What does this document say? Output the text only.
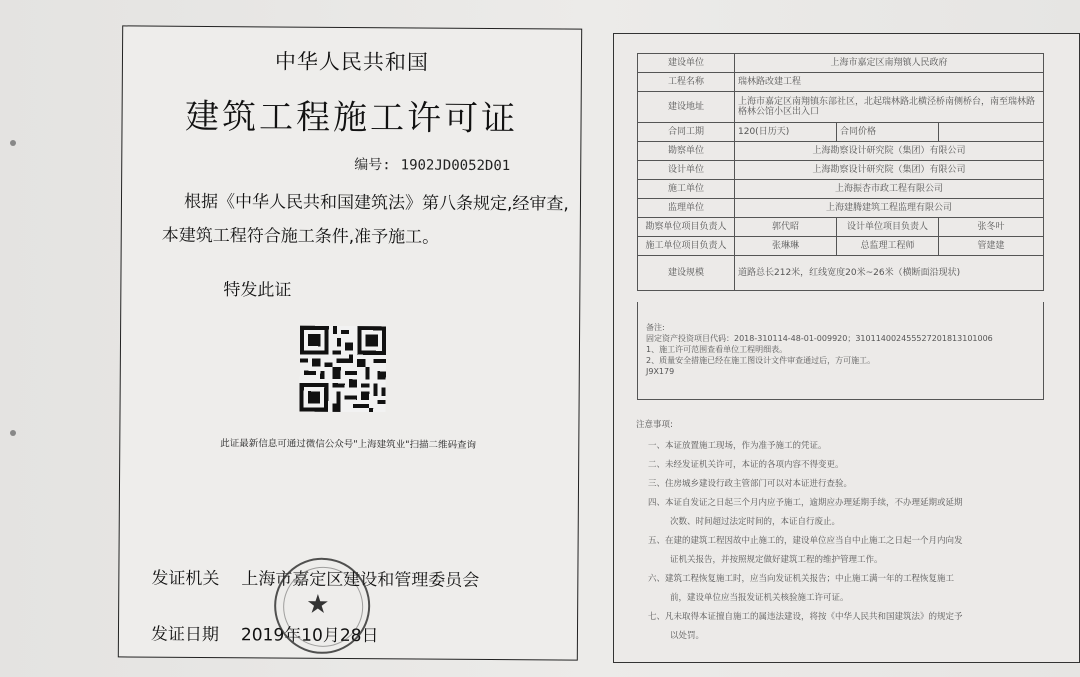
中华人民共和国
建筑工程施工许可证
编号: 1902JD0052D01
根据《中华人民共和国建筑法》第八条规定,经审查,
本建筑工程符合施工条件,准予施工。
特发此证
此证最新信息可通过微信公众号"上海建筑业"扫描二维码查询
发证机关 上海市嘉定区建设和管理委员会
发证日期 2019年10月28日
★
建设单位	上海市嘉定区南翔镇人民政府		
工程名称	瑞林路改建工程		
建设地址	上海市嘉定区南翔镇东部社区，北起瑞林路北横泾桥南侧桥台，南至瑞林路格林公馆小区出入口		
合同工期	120(日历天)	合同价格	
勘察单位	上海勘察设计研究院（集团）有限公司		
设计单位	上海勘察设计研究院（集团）有限公司		
施工单位	上海振杏市政工程有限公司		
监理单位	上海建腾建筑工程监理有限公司		
勘察单位项目负责人	郭代昭	设计单位项目负责人	张冬叶
施工单位项目负责人	张琳琳	总监理工程师	管建建
建设规模	道路总长212米，红线宽度20米~26米（横断面沿现状)		
备注:
固定资产投资项目代码：2018-310114-48-01-009920；310114002455527201813101006
1、施工许可范围查看单位工程明细表。
2、质量安全措施已经在施工图设计文件审查通过后，方可施工。
J9X179
注意事项:
一、本证放置施工现场，作为准予施工的凭证。
二、未经发证机关许可，本证的各项内容不得变更。
三、住房城乡建设行政主管部门可以对本证进行查验。
四、本证自发证之日起三个月内应予施工，逾期应办理延期手续，不办理延期或延期
次数、时间超过法定时间的，本证自行废止。
五、在建的建筑工程因故中止施工的，建设单位应当自中止施工之日起一个月内向发
证机关报告，并按照规定做好建筑工程的维护管理工作。
六、建筑工程恢复施工时，应当向发证机关报告；中止施工满一年的工程恢复施工
前，建设单位应当报发证机关核验施工许可证。
七、凡未取得本证擅自施工的属违法建设，将按《中华人民共和国建筑法》的规定予
以处罚。
